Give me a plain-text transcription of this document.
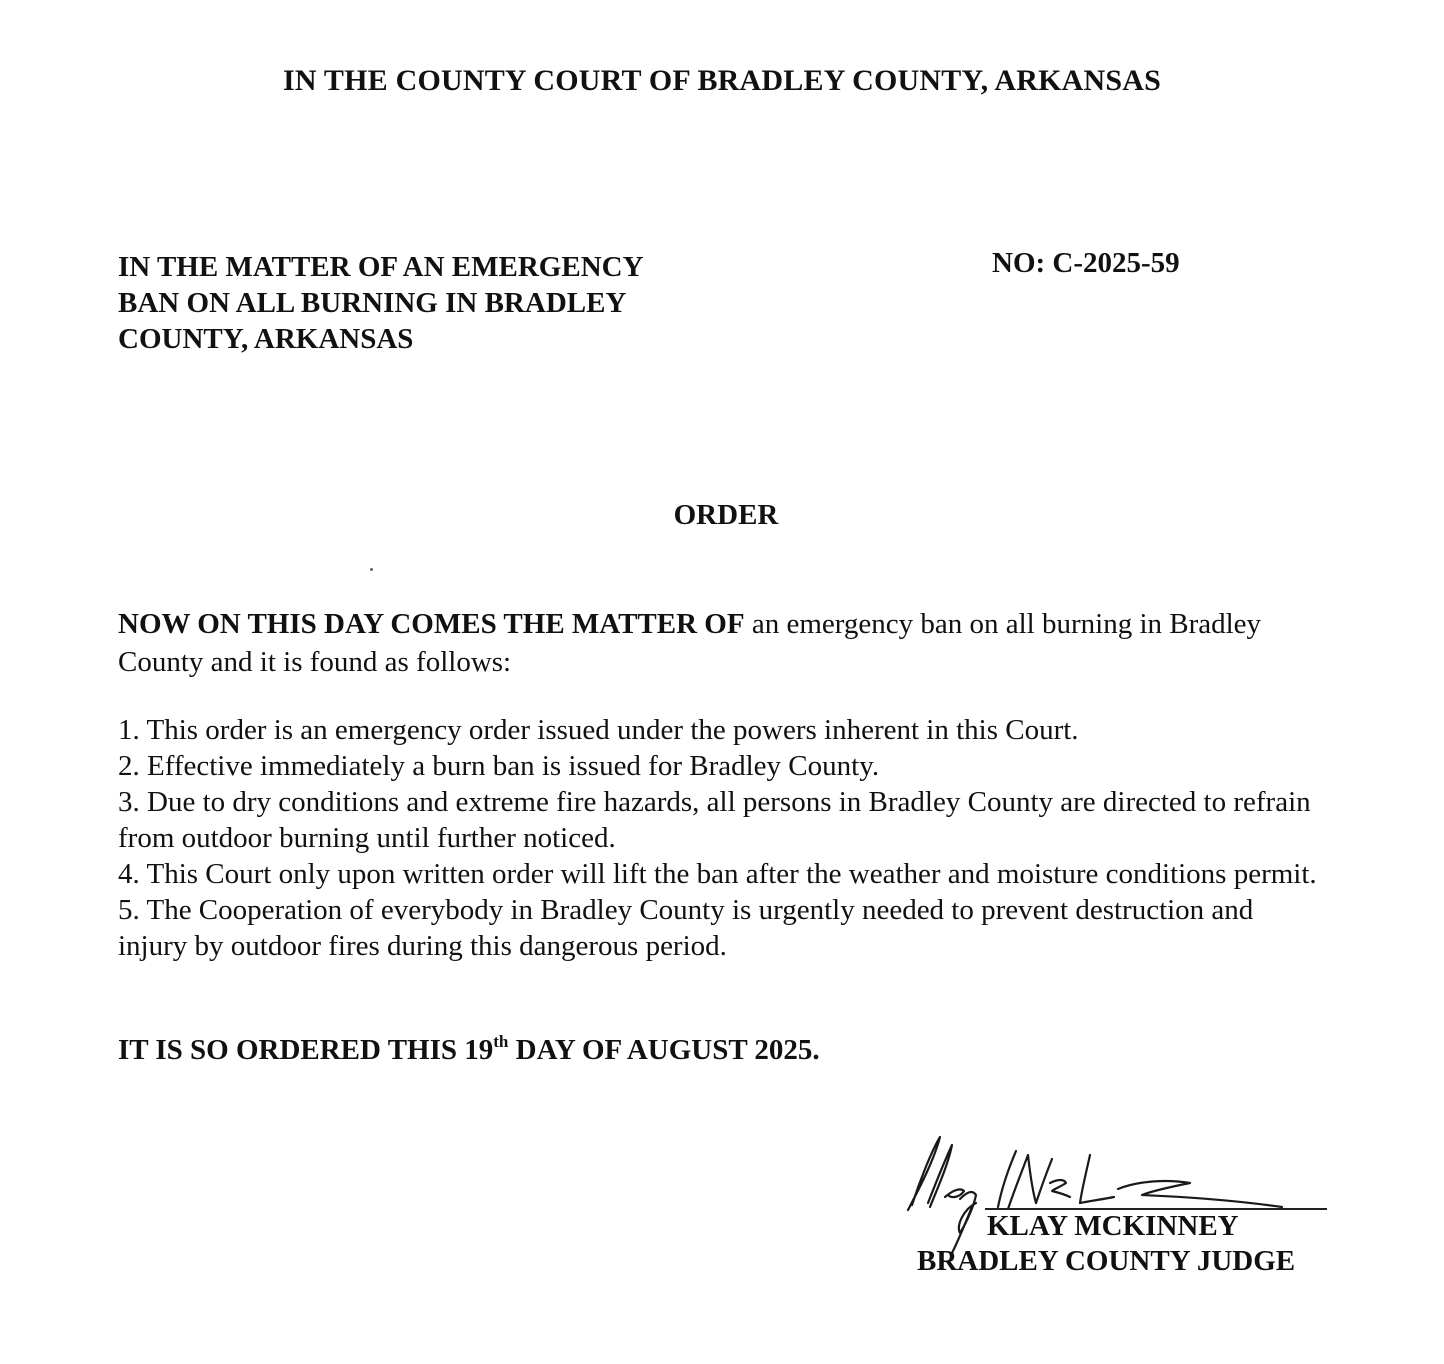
IN THE COUNTY COURT OF BRADLEY COUNTY, ARKANSAS
IN THE MATTER OF AN EMERGENCY
BAN ON ALL BURNING IN BRADLEY
COUNTY, ARKANSAS
NO: C-2025-59
ORDER
NOW ON THIS DAY COMES THE MATTER OF an emergency ban on all burning in Bradley County and it is found as follows:
1. This order is an emergency order issued under the powers inherent in this Court.
2. Effective immediately a burn ban is issued for Bradley County.
3. Due to dry conditions and extreme fire hazards, all persons in Bradley County are directed to refrain from outdoor burning until further noticed.
4. This Court only upon written order will lift the ban after the weather and moisture conditions permit.
5. The Cooperation of everybody in Bradley County is urgently needed to prevent destruction and injury by outdoor fires during this dangerous period.
IT IS SO ORDERED THIS 19th DAY OF AUGUST 2025.
KLAY MCKINNEY
BRADLEY COUNTY JUDGE
